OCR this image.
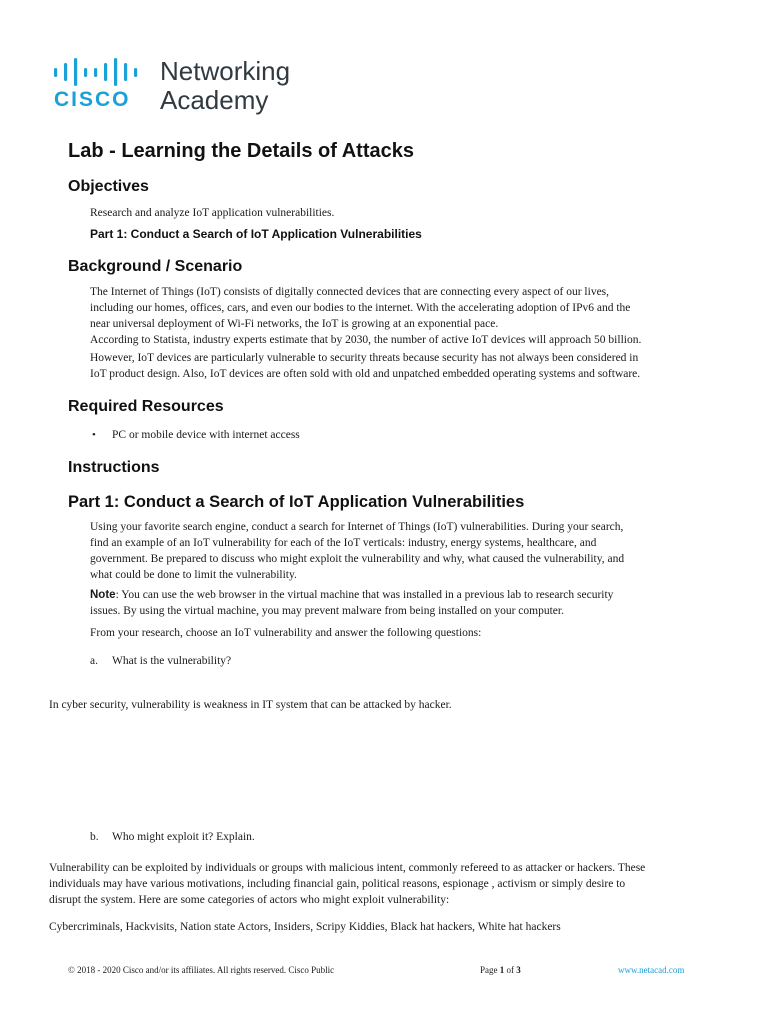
CISCO
Networking
Academy
Lab - Learning the Details of Attacks
Objectives
Research and analyze IoT application vulnerabilities.
Part 1: Conduct a Search of IoT Application Vulnerabilities
Background / Scenario
The Internet of Things (IoT) consists of digitally connected devices that are connecting every aspect of our lives,
including our homes, offices, cars, and even our bodies to the internet. With the accelerating adoption of IPv6 and the
near universal deployment of Wi-Fi networks, the IoT is growing at an exponential pace.
According to Statista, industry experts estimate that by 2030, the number of active IoT devices will approach 50 billion.
However, IoT devices are particularly vulnerable to security threats because security has not always been considered in
IoT product design. Also, IoT devices are often sold with old and unpatched embedded operating systems and software.
Required Resources
• PC or mobile device with internet access
Instructions
Part 1: Conduct a Search of IoT Application Vulnerabilities
Using your favorite search engine, conduct a search for Internet of Things (IoT) vulnerabilities. During your search,
find an example of an IoT vulnerability for each of the IoT verticals: industry, energy systems, healthcare, and
government. Be prepared to discuss who might exploit the vulnerability and why, what caused the vulnerability, and
what could be done to limit the vulnerability.
Note: You can use the web browser in the virtual machine that was installed in a previous lab to research security
issues. By using the virtual machine, you may prevent malware from being installed on your computer.
From your research, choose an IoT vulnerability and answer the following questions:
a. What is the vulnerability?
In cyber security, vulnerability is weakness in IT system that can be attacked by hacker.
b. Who might exploit it? Explain.
Vulnerability can be exploited by individuals or groups with malicious intent, commonly refereed to as attacker or hackers. These
individuals may have various motivations, including financial gain, political reasons, espionage , activism or simply desire to
disrupt the system. Here are some categories of actors who might exploit vulnerability:
Cybercriminals, Hackvisits, Nation state Actors, Insiders, Scripy Kiddies, Black hat hackers, White hat hackers
© 2018 - 2020 Cisco and/or its affiliates. All rights reserved. Cisco Public	Page 1 of 3	www.netacad.com
